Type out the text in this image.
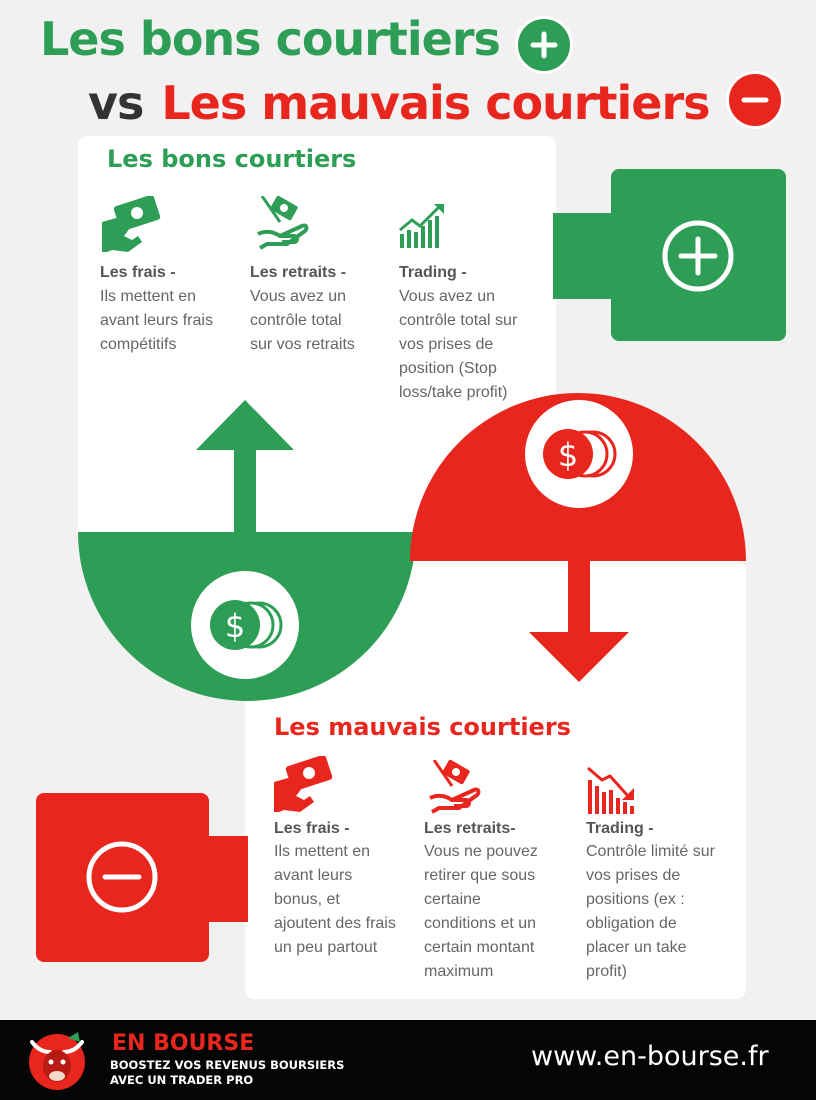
Les bons courtiers
vs Les mauvais courtiers
Les bons courtiers
Les frais -
Ils mettent en avant leurs frais compétitifs
Les retraits -
Vous avez un contrôle total sur vos retraits
Trading -
Vous avez un contrôle total sur vos prises de position (Stop loss/take profit)
$
$
Les mauvais courtiers
Les frais -
Ils mettent en avant leurs bonus, et ajoutent des frais un peu partout
Les retraits-
Vous ne pouvez retirer que sous certaine conditions et un certain montant maximum
Trading -
Contrôle limité sur vos prises de positions (ex : obligation de placer un take profit)
EN BOURSE
BOOSTEZ VOS REVENUS BOURSIERS
AVEC UN TRADER PRO
www.en-bourse.fr
